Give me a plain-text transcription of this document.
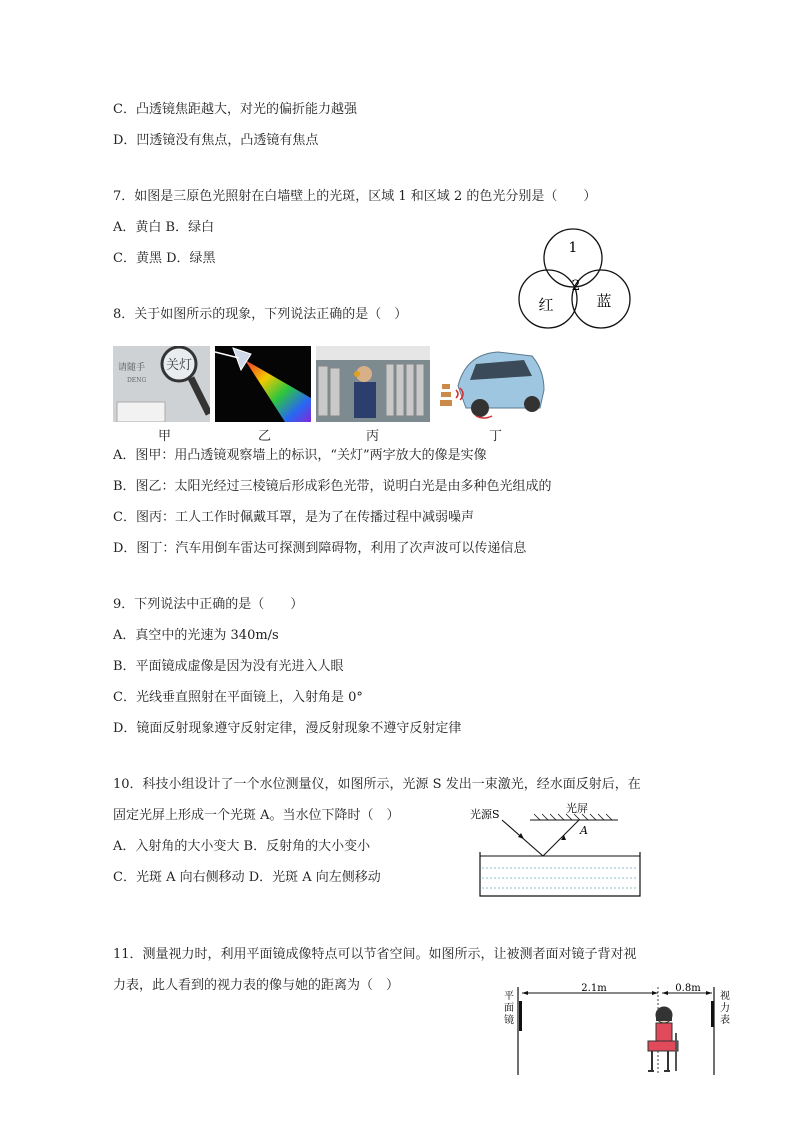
C．凸透镜焦距越大，对光的偏折能力越强
D．凹透镜没有焦点，凸透镜有焦点
7．如图是三原色光照射在白墙壁上的光斑，区域 1 和区域 2 的色光分别是（　　）
A．黄白 B．绿白
C．黄黑 D．绿黑
8．关于如图所示的现象，下列说法正确的是（　）
A．图甲：用凸透镜观察墙上的标识，“关灯”两字放大的像是实像
B．图乙：太阳光经过三棱镜后形成彩色光带，说明白光是由多种色光组成的
C．图丙：工人工作时佩戴耳罩，是为了在传播过程中减弱噪声
D．图丁：汽车用倒车雷达可探测到障碍物，利用了次声波可以传递信息
9．下列说法中正确的是（　　）
A．真空中的光速为 340m/s
B．平面镜成虚像是因为没有光进入人眼
C．光线垂直照射在平面镜上，入射角是 0°
D．镜面反射现象遵守反射定律，漫反射现象不遵守反射定律
10．科技小组设计了一个水位测量仪，如图所示，光源 S 发出一束激光，经水面反射后，在
固定光屏上形成一个光斑 A。当水位下降时（　）
A．入射角的大小变大 B．反射角的大小变小
C．光斑 A 向右侧移动 D．光斑 A 向左侧移动
11．测量视力时，利用平面镜成像特点可以节省空间。如图所示，让被测者面对镜子背对视
力表，此人看到的视力表的像与她的距离为（　）
1
2
红	蓝
请随手
DENG
关灯
甲	乙	丙	丁
光源S	光屏
A
平
面
镜
2.1m	0.8m
视
力
表
